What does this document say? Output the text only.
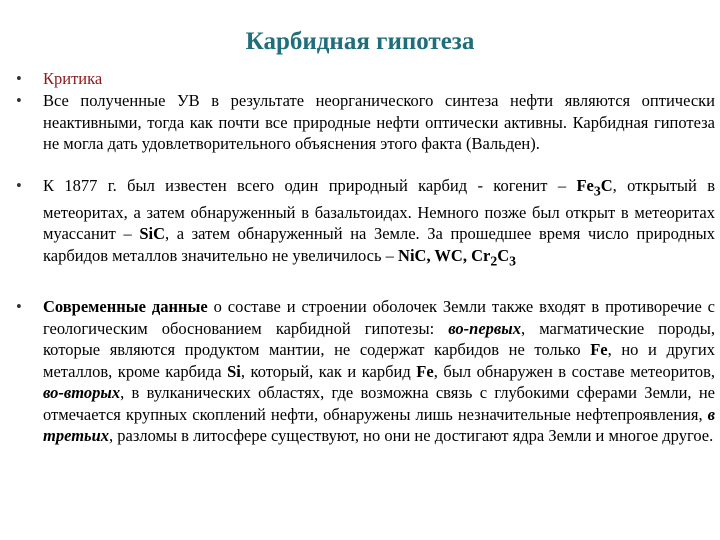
Карбидная гипотеза
•	Критика
•	Все полученные УВ в результате неорганического синтеза нефти являются оптически неактивными, тогда как почти все природные нефти оптически активны. Карбидная гипотеза не могла дать удовлетворительного объяснения этого факта (Вальден).
•	К 1877 г. был известен всего один природный карбид - когенит – $Fe_3C$, открытый в метеоритах, а затем обнаруженный в базальтоидах. Немного позже был открыт в метеоритах муассанит – SiC, а затем обнаруженный на Земле. За прошедшее время число природных карбидов металлов значительно не увеличилось – NiC, WC, $Cr_2C_3$
•	Современные данные о составе и строении оболочек Земли также входят в противоречие с геологическим обоснованием карбидной гипотезы: во-первых, магматические породы, которые являются продуктом мантии, не содержат карбидов не только Fe, но и других металлов, кроме карбида Si, который, как и карбид Fe, был обнаружен в составе метеоритов, во-вторых, в вулканических областях, где возможна связь с глубокими сферами Земли, не отмечается крупных скоплений нефти, обнаружены лишь незначительные нефтепроявления, в третьих, разломы в литосфере существуют, но они не достигают ядра Земли и многое другое.
